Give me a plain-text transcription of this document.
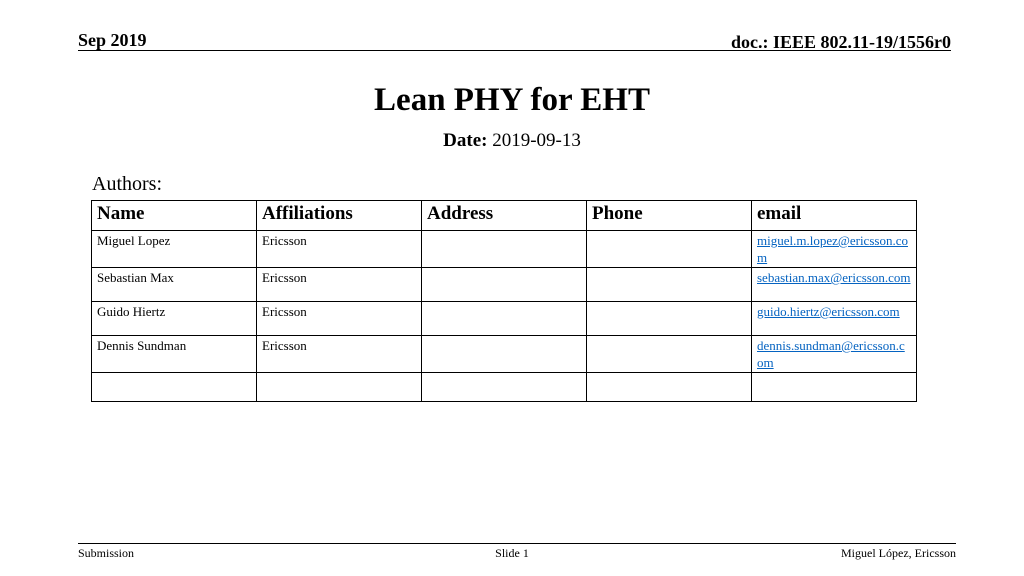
Sep 2019	doc.: IEEE 802.11-19/1556r0
Lean PHY for EHT
Date: 2019-09-13
Authors:
Name	Affiliations	Address	Phone	email
Miguel Lopez	Ericsson			miguel.m.lopez@ericsson.com
Sebastian Max	Ericsson			sebastian.max@ericsson.com
Guido Hiertz	Ericsson			guido.hiertz@ericsson.com
Dennis Sundman	Ericsson			dennis.sundman@ericsson.com

Submission	Slide 1	Miguel López, Ericsson
